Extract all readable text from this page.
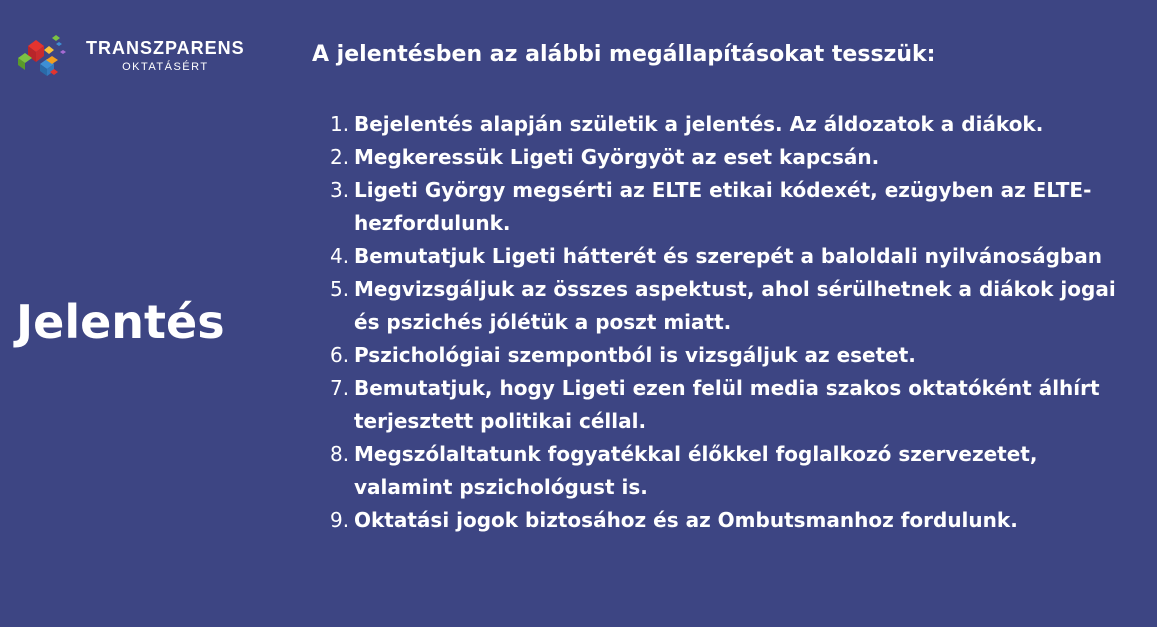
TRANSZPARENS
OKTATÁSÉRT
Jelentés
A jelentésben az alábbi megállapításokat tesszük:
1. Bejelentés alapján születik a jelentés. Az áldozatok a diákok.
2. Megkeressük Ligeti Györgyöt az eset kapcsán.
3. Ligeti György megsérti az ELTE etikai kódexét, ezügyben az ELTE-hezfordulunk.
4. Bemutatjuk Ligeti hátterét és szerepét a baloldali nyilvánoságban
5. Megvizsgáljuk az összes aspektust, ahol sérülhetnek a diákok jogai és pszichés jólétük a poszt miatt.
6. Pszichológiai szempontból is vizsgáljuk az esetet.
7. Bemutatjuk, hogy Ligeti ezen felül media szakos oktatóként álhírt terjesztett politikai céllal.
8. Megszólaltatunk fogyatékkal élőkkel foglalkozó szervezetet, valamint pszichológust is.
9. Oktatási jogok biztosához és az Ombutsmanhoz fordulunk.
